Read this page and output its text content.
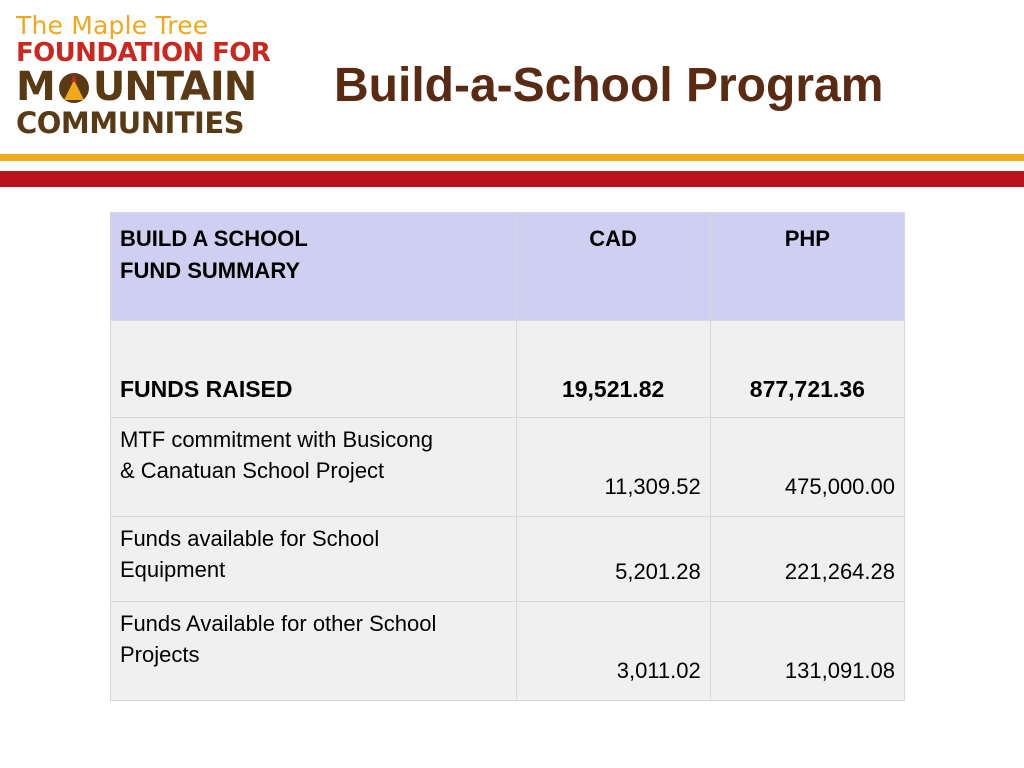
The Maple Tree
FOUNDATION FOR
M UNTAIN
COMMUNITIES
Build-a-School Program
BUILD A SCHOOL
FUND SUMMARY	CAD	PHP
FUNDS RAISED	19,521.82	877,721.36

MTF commitment with Busicong
& Canatuan School Project	11,309.52	475,000.00

Funds available for School
Equipment	5,201.28	221,264.28

Funds Available for other School
Projects	3,011.02	131,091.08
